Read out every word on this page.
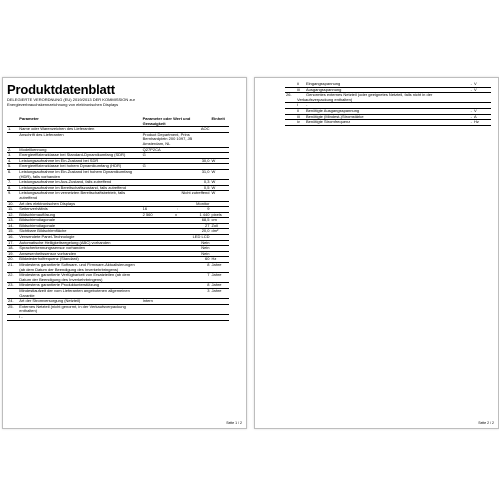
Produktdatenblatt
DELEGIERTE VERORDNUNG (EU) 2019/2013 DER KOMMISSION zur Energieverbrauchskennzeichnung von elektronischen Displays
	Parameter	Parameter oder Wert und Genauigkeit	Einheit
1.	Name oder Warenzeichen des Lieferanten	AOC	
	Anschrift des Lieferanten	Product Department, Prins Bernhardplein 200 1097, JB Amsterdam, NL	
2.	Modellkennung	Q27P2CA	
3.	Energieeffizienzklasse bei Standard-Dynamikumfang (SDR)	G	
4.	Leistungsaufnahme im Ein-Zustand bei SDR	30,0	W
5.	Energieeffizienzklasse bei hohem Dynamikumfang (HDR)	G	
6.	Leistungsaufnahme im Ein-Zustand bei hohem Dynamikumfang (HDR), falls vorhanden	31,0	W
7.	Leistungsaufnahme im Aus-Zustand, falls zutreffend	0,3	W
8.	Leistungsaufnahme im Bereitschaftszustand, falls zutreffend	0,5	W
9.	Leistungsaufnahme im vernetzten Bereitschaftsbetrieb, falls zutreffend	Nicht zutreffend	W
10.	Art des elektronischen Displays	Monitor	
11.	Seitenverhältnis	16 : 9	

12.	Bildschirmauflösung	2 560 x 1 440	pixels
13.	Bildschirmdiagonale	68,5	cm
14.	Bildschirmdiagonale	27	Zoll
15.	Sichtbare Bildschirmfläche	20,0	dm²
16.	Verwendete Panel-Technologie	LED LCD	
17.	Automatische Helligkeitsregelung (ABC) vorhanden	Nein	
18.	Spracherkennungssensor vorhanden	Nein	
19.	Anwesenheitssensor vorhanden	Nein	
20.	Bildwiederholfrequenz (Standard)	60	Hz
21.	Mindestens garantierte Software- und Firmware-Aktualisierungen (ab dem Datum der Beendigung des Inverkehrbringens)	8	Jahre
22.	Mindestens garantierte Verfügbarkeit von Ersatzteilen (ab dem Datum der Beendigung des Inverkehrbringens)	7	Jahre
23.	Mindestens garantierte Produktunterstützung	8	Jahre
	Mindestlaufzeit der vom Lieferanten angebotenen allgemeinen Garantie	3	Jahre
24.	Art der Stromversorgung (Netzteil)	Intern	
25.	Externes Netzteil (nicht genormt, in der Verkaufsverpackung enthalten)		
	i -		
Seite 1 / 2
	ii Eingangsspannung	-	V
	iii Ausgangsspannung	-	V
26.	Genormtes externes Netzteil (oder geeignetes Netzteil, falls nicht in der Verkaufsverpackung enthalten)		
	i -		
	ii Benötigte Ausgangsspannung	-	V
	iii Benötigte (Mindest-)Stromstärke	-	A
	iv Benötigte Stromfrequenz	-	Hz
Seite 2 / 2
